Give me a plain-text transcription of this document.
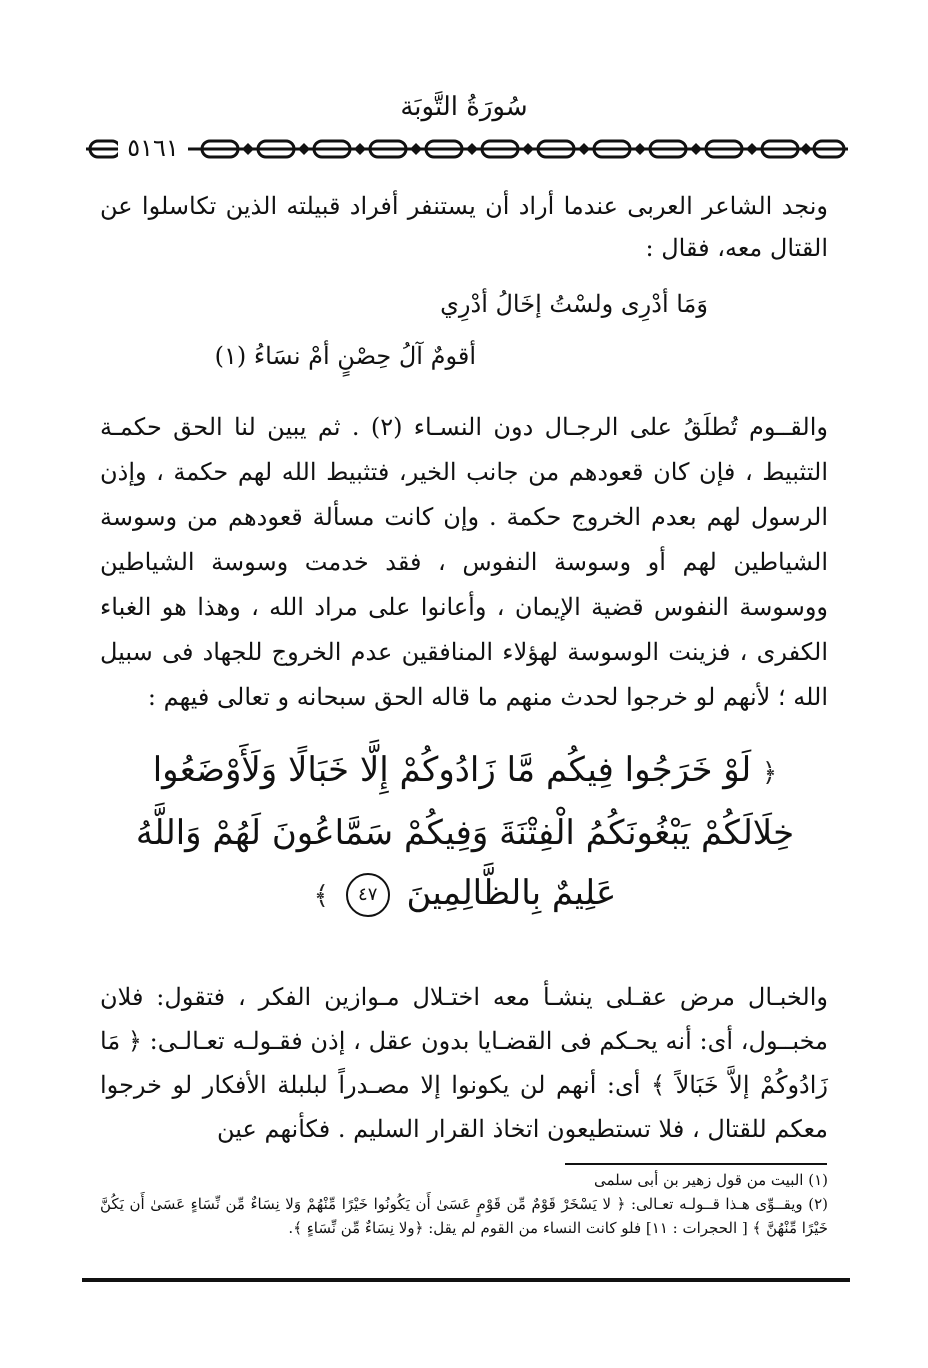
سُورَةُ التَّوبَة
٥١٦١

ونجد الشاعر العربى عندما أراد أن يستنفر أفراد قبيلته الذين تكاسلوا عن القتال معه، فقال :

وَمَا أدْرِى ولسْتُ إخَالُ أدْرِي

أقومٌ آلُ حِصْنٍ أمْ نسَاءُ (١)

والقــوم تُطلَقُ على الرجـال دون النسـاء (٢) . ثم يبين لنا الحق حكمـة التثبيط ، فإن كان قعودهم من جانب الخير، فتثبيط الله لهم حكمة ، وإذن الرسول لهم بعدم الخروج حكمة . وإن كانت مسألة قعودهم من وسوسة الشياطين لهم أو وسوسة النفوس ، فقد خدمت وسوسة الشياطين ووسوسة النفوس قضية الإيمان ، وأعانوا على مراد الله ، وهذا هو الغباء الكفرى ، فزينت الوسوسة لهؤلاء المنافقين عدم الخروج للجهاد فى سبيل الله ؛ لأنهم لو خرجوا لحدث منهم ما قاله الحق سبحانه و تعالى فيهم :

﴿ لَوْ خَرَجُوا فِيكُم مَّا زَادُوكُمْ إِلَّا خَبَالًا وَلَأَوْضَعُوا خِلَالَكُمْ يَبْغُونَكُمُ الْفِتْنَةَ وَفِيكُمْ سَمَّاعُونَ لَهُمْ وَاللَّهُ عَلِيمٌ بِالظَّالِمِينَ ٤٧ ﴾

والخبـال مرض عقـلى ينشـأ معه اختـلال مـوازين الفكر ، فتقول: فلان مخبــول، أى: أنه يحـكم فى القضـايا بدون عقل ، إذن فقـولـه تعـالـى: ﴿ مَا زَادُوكُمْ إلاَّ خَبَالاً ﴾ أى: أنهم لن يكونوا إلا مصـدراً لبلبلة الأفكار لو خرجوا معكم للقتال ، فلا تستطيعون اتخاذ القرار السليم . فكأنهم عين

(١) البيت من قول زهير بن أبى سلمى

(٢) ويقــوِّى هـذا قــولـه تعـالى: ﴿ لا يَسْخَرْ قَوْمٌ مِّن قَوْمٍ عَسَىٰ أَن يَكُونُوا خَيْرًا مِّنْهُمْ وَلا نِسَاءٌ مِّن نِّسَاءٍ عَسَىٰ أَن يَكُنَّ خَيْرًا مِّنْهُنَّ ﴾ [ الحجرات : ١١] فلو كانت النساء من القوم لم يقل: ﴿ولا نِسَاءٌ مِّن نِّسَاءٍ ﴾.
